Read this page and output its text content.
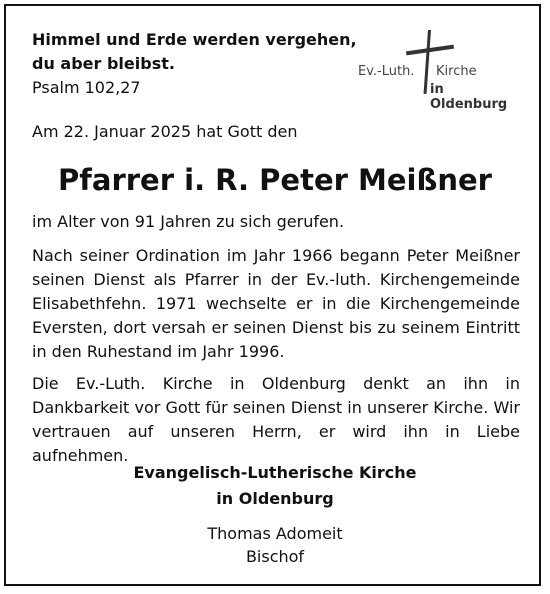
Himmel und Erde werden vergehen,
du aber bleibst.
Psalm 102,27
Ev.-Luth. Kirche
in Oldenburg
Am 22. Januar 2025 hat Gott den
Pfarrer i. R. Peter Meißner
im Alter von 91 Jahren zu sich gerufen.
Nach seiner Ordination im Jahr 1966 begann Peter Meißner seinen Dienst als Pfarrer in der Ev.-luth. Kirchengemeinde Elisabethfehn. 1971 wechselte er in die Kirchengemeinde Eversten, dort versah er seinen Dienst bis zu seinem Eintritt in den Ruhestand im Jahr 1996.
Die Ev.-Luth. Kirche in Oldenburg denkt an ihn in Dankbarkeit vor Gott für seinen Dienst in unserer Kirche. Wir vertrauen auf unseren Herrn, er wird ihn in Liebe aufnehmen.
Evangelisch-Lutherische Kirche
in Oldenburg
Thomas Adomeit
Bischof
